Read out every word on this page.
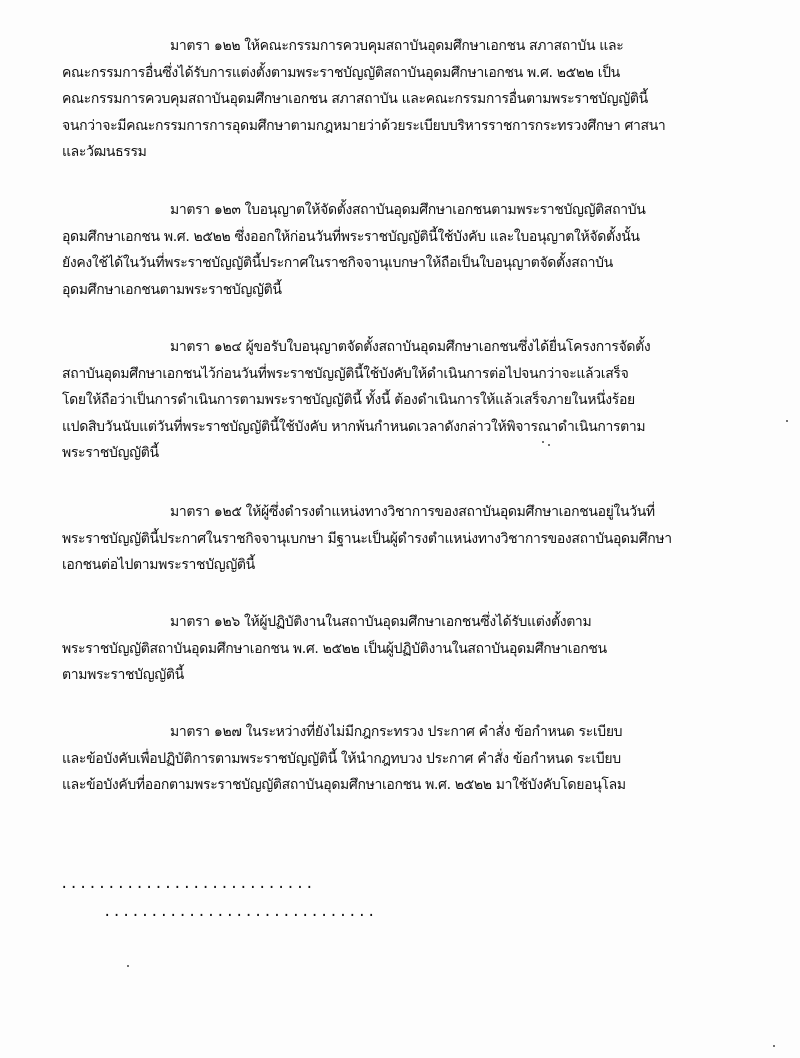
มาตรา ๑๒๒ ให้คณะกรรมการควบคุมสถาบันอุดมศึกษาเอกชน สภาสถาบัน และ
คณะกรรมการอื่นซึ่งได้รับการแต่งตั้งตามพระราชบัญญัติสถาบันอุดมศึกษาเอกชน พ.ศ. ๒๕๒๒ เป็น
คณะกรรมการควบคุมสถาบันอุดมศึกษาเอกชน สภาสถาบัน และคณะกรรมการอื่นตามพระราชบัญญัตินี้
จนกว่าจะมีคณะกรรมการการอุดมศึกษาตามกฎหมายว่าด้วยระเบียบบริหารราชการกระทรวงศึกษา ศาสนา
และวัฒนธรรม
มาตรา ๑๒๓ ใบอนุญาตให้จัดตั้งสถาบันอุดมศึกษาเอกชนตามพระราชบัญญัติสถาบัน
อุดมศึกษาเอกชน พ.ศ. ๒๕๒๒ ซึ่งออกให้ก่อนวันที่พระราชบัญญัตินี้ใช้บังคับ และใบอนุญาตให้จัดตั้งนั้น
ยังคงใช้ได้ในวันที่พระราชบัญญัตินี้ประกาศในราชกิจจานุเบกษาให้ถือเป็นใบอนุญาตจัดตั้งสถาบัน
อุดมศึกษาเอกชนตามพระราชบัญญัตินี้
มาตรา ๑๒๔ ผู้ขอรับใบอนุญาตจัดตั้งสถาบันอุดมศึกษาเอกชนซึ่งได้ยื่นโครงการจัดตั้ง
สถาบันอุดมศึกษาเอกชนไว้ก่อนวันที่พระราชบัญญัตินี้ใช้บังคับให้ดำเนินการต่อไปจนกว่าจะแล้วเสร็จ
โดยให้ถือว่าเป็นการดำเนินการตามพระราชบัญญัตินี้ ทั้งนี้ ต้องดำเนินการให้แล้วเสร็จภายในหนึ่งร้อย
แปดสิบวันนับแต่วันที่พระราชบัญญัตินี้ใช้บังคับ หากพ้นกำหนดเวลาดังกล่าวให้พิจารณาดำเนินการตาม
พระราชบัญญัตินี้
มาตรา ๑๒๕ ให้ผู้ซึ่งดำรงตำแหน่งทางวิชาการของสถาบันอุดมศึกษาเอกชนอยู่ในวันที่
พระราชบัญญัตินี้ประกาศในราชกิจจานุเบกษา มีฐานะเป็นผู้ดำรงตำแหน่งทางวิชาการของสถาบันอุดมศึกษา
เอกชนต่อไปตามพระราชบัญญัตินี้
มาตรา ๑๒๖ ให้ผู้ปฏิบัติงานในสถาบันอุดมศึกษาเอกชนซึ่งได้รับแต่งตั้งตาม
พระราชบัญญัติสถาบันอุดมศึกษาเอกชน พ.ศ. ๒๕๒๒ เป็นผู้ปฏิบัติงานในสถาบันอุดมศึกษาเอกชน
ตามพระราชบัญญัตินี้
มาตรา ๑๒๗ ในระหว่างที่ยังไม่มีกฎกระทรวง ประกาศ คำสั่ง ข้อกำหนด ระเบียบ
และข้อบังคับเพื่อปฏิบัติการตามพระราชบัญญัตินี้ ให้นำกฎทบวง ประกาศ คำสั่ง ข้อกำหนด ระเบียบ
และข้อบังคับที่ออกตามพระราชบัญญัติสถาบันอุดมศึกษาเอกชน พ.ศ. ๒๕๒๒ มาใช้บังคับโดยอนุโลม
...........................
.............................
